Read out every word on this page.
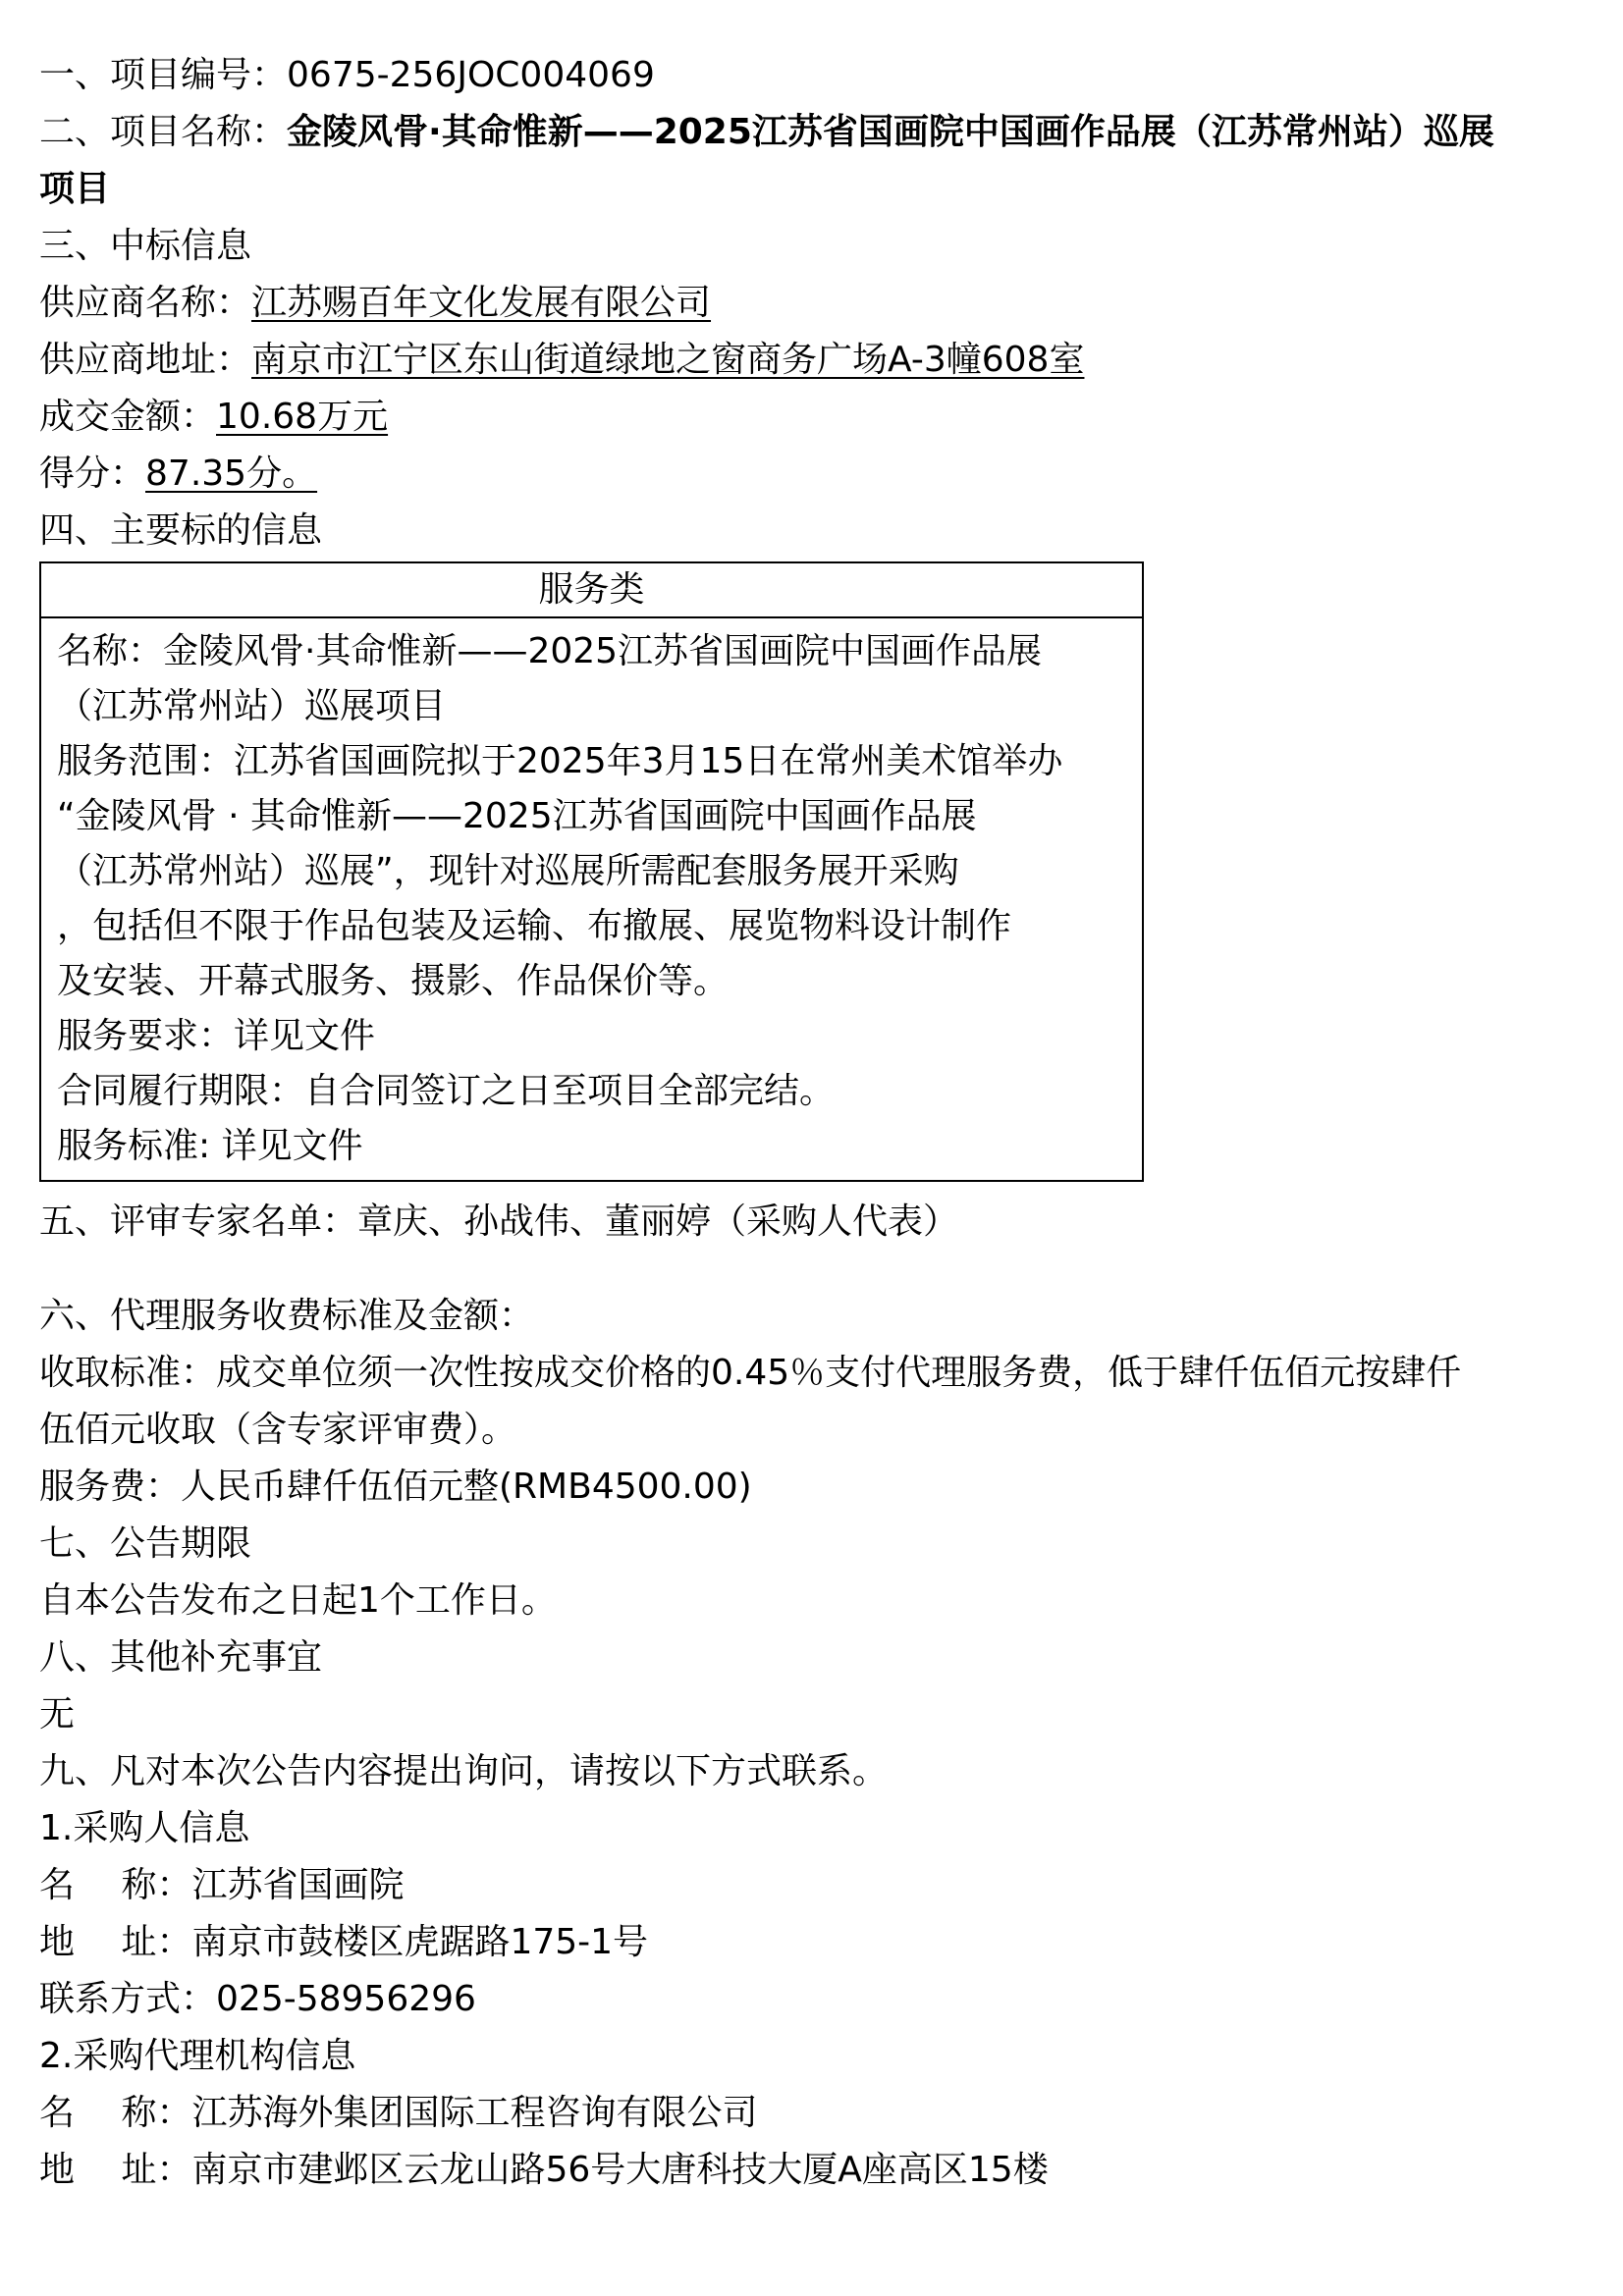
一、项目编号：0675-256JOC004069
二、项目名称：金陵风骨·其命惟新——2025江苏省国画院中国画作品展（江苏常州站）巡展
项目
三、中标信息
供应商名称：江苏赐百年文化发展有限公司
供应商地址：南京市江宁区东山街道绿地之窗商务广场A-3幢608室
成交金额：10.68万元
得分：87.35分。
四、主要标的信息
服务类

名称：金陵风骨·其命惟新——2025江苏省国画院中国画作品展
（江苏常州站）巡展项目
服务范围：江苏省国画院拟于2025年3月15日在常州美术馆举办
“金陵风骨 · 其命惟新——2025江苏省国画院中国画作品展
（江苏常州站）巡展”，现针对巡展所需配套服务展开采购
，包括但不限于作品包装及运输、布撤展、展览物料设计制作
及安装、开幕式服务、摄影、作品保价等。
服务要求：详见文件
合同履行期限：自合同签订之日至项目全部完结。
服务标准: 详见文件
五、评审专家名单：章庆、孙战伟、董丽婷（采购人代表）
六、代理服务收费标准及金额：
收取标准：成交单位须一次性按成交价格的0.45％支付代理服务费，低于肆仟伍佰元按肆仟
伍佰元收取（含专家评审费）。
服务费：人民币肆仟伍佰元整(RMB4500.00)
七、公告期限
自本公告发布之日起1个工作日。
八、其他补充事宜
无
九、凡对本次公告内容提出询问，请按以下方式联系。
1.采购人信息
名　 称：江苏省国画院
地　 址：南京市鼓楼区虎踞路175-1号
联系方式：025-58956296
2.采购代理机构信息
名　 称：江苏海外集团国际工程咨询有限公司
地　 址：南京市建邺区云龙山路56号大唐科技大厦A座高区15楼
